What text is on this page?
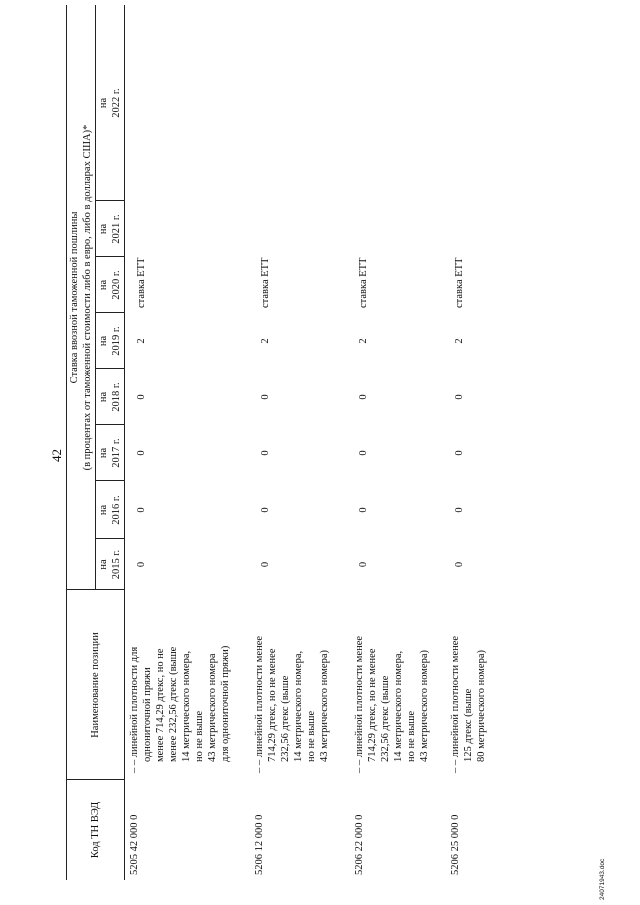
42
Код ТН ВЭД
Наименование позиции
Ставка ввозной таможенной пошлины (в процентах от таможенной стоимости либо в евро, либо в долларах США)*
на 2015 г.
на 2016 г.
на 2017 г.
на 2018 г.
на 2019 г.
на 2020 г.
на 2021 г.
на 2022 г.
5205 42 000 0
– – линейной плотности для однониточной пряжи менее 714,29 дтекс, но не менее 232,56 дтекс (выше 14 метрического номера, но не выше 43 метрического номера для однониточной пряжи)
0
0
0
0
2
ставка ЕТТ
5206 12 000 0
– – линейной плотности менее 714,29 дтекс, но не менее 232,56 дтекс (выше 14 метрического номера, но не выше 43 метрического номера)
0
0
0
0
2
ставка ЕТТ
5206 22 000 0
– – линейной плотности менее 714,29 дтекс, но не менее 232,56 дтекс (выше 14 метрического номера, но не выше 43 метрического номера)
0
0
0
0
2
ставка ЕТТ
5206 25 000 0
– – линейной плотности менее 125 дтекс (выше 80 метрического номера)
0
0
0
0
2
ставка ЕТТ
24071943.doc
